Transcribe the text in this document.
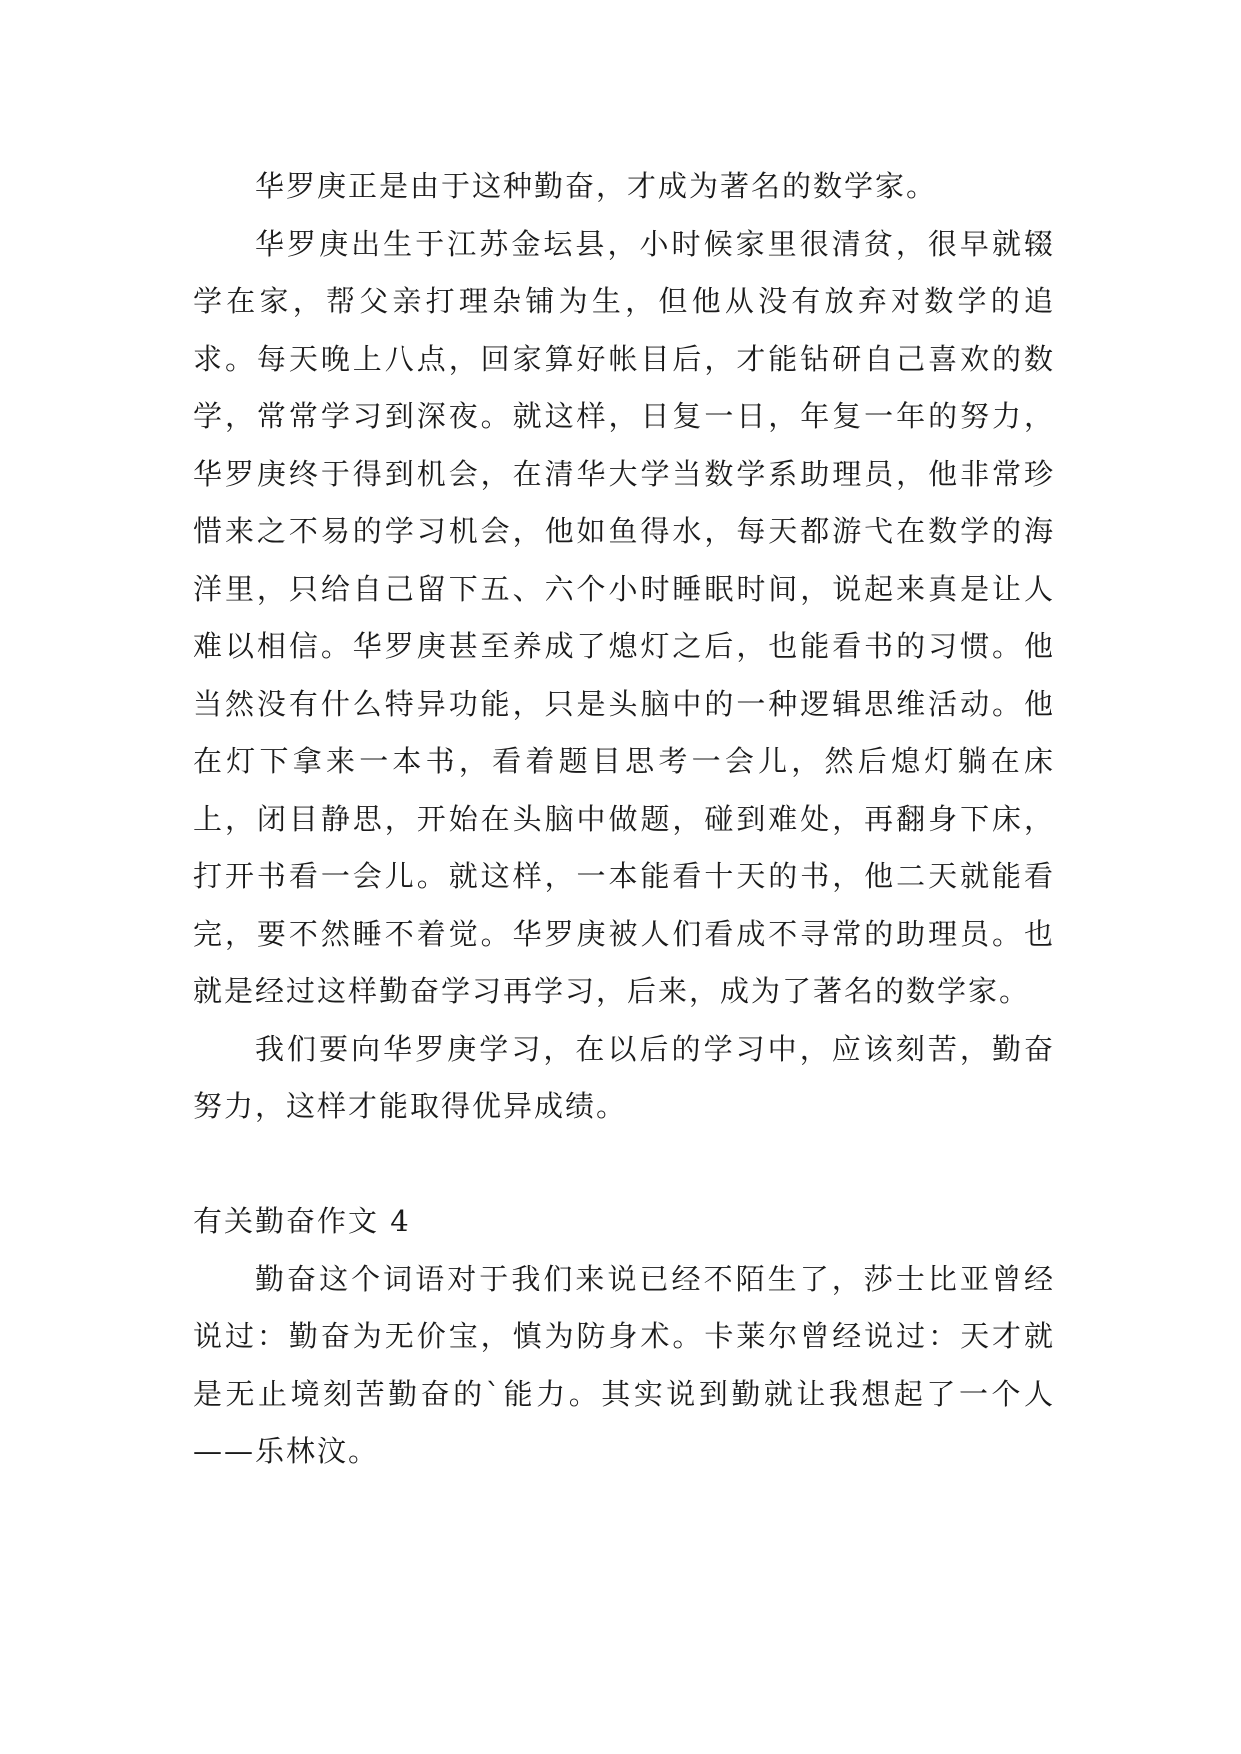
华罗庚正是由于这种勤奋，才成为著名的数学家。

华罗庚出生于江苏金坛县，小时候家里很清贫，很早就辍学在家，帮父亲打理杂铺为生，但他从没有放弃对数学的追求。每天晚上八点，回家算好帐目后，才能钻研自己喜欢的数学，常常学习到深夜。就这样，日复一日，年复一年的努力，华罗庚终于得到机会，在清华大学当数学系助理员，他非常珍惜来之不易的学习机会，他如鱼得水，每天都游弋在数学的海洋里，只给自己留下五、六个小时睡眠时间，说起来真是让人难以相信。华罗庚甚至养成了熄灯之后，也能看书的习惯。他当然没有什么特异功能，只是头脑中的一种逻辑思维活动。他在灯下拿来一本书，看着题目思考一会儿，然后熄灯躺在床上，闭目静思，开始在头脑中做题，碰到难处，再翻身下床，打开书看一会儿。就这样，一本能看十天的书，他二天就能看完，要不然睡不着觉。华罗庚被人们看成不寻常的助理员。也就是经过这样勤奋学习再学习，后来，成为了著名的数学家。

我们要向华罗庚学习，在以后的学习中，应该刻苦，勤奋努力，这样才能取得优异成绩。

有关勤奋作文 4

勤奋这个词语对于我们来说已经不陌生了，莎士比亚曾经说过：勤奋为无价宝，慎为防身术。卡莱尔曾经说过：天才就是无止境刻苦勤奋的`能力。其实说到勤就让我想起了一个人——乐林汶。
